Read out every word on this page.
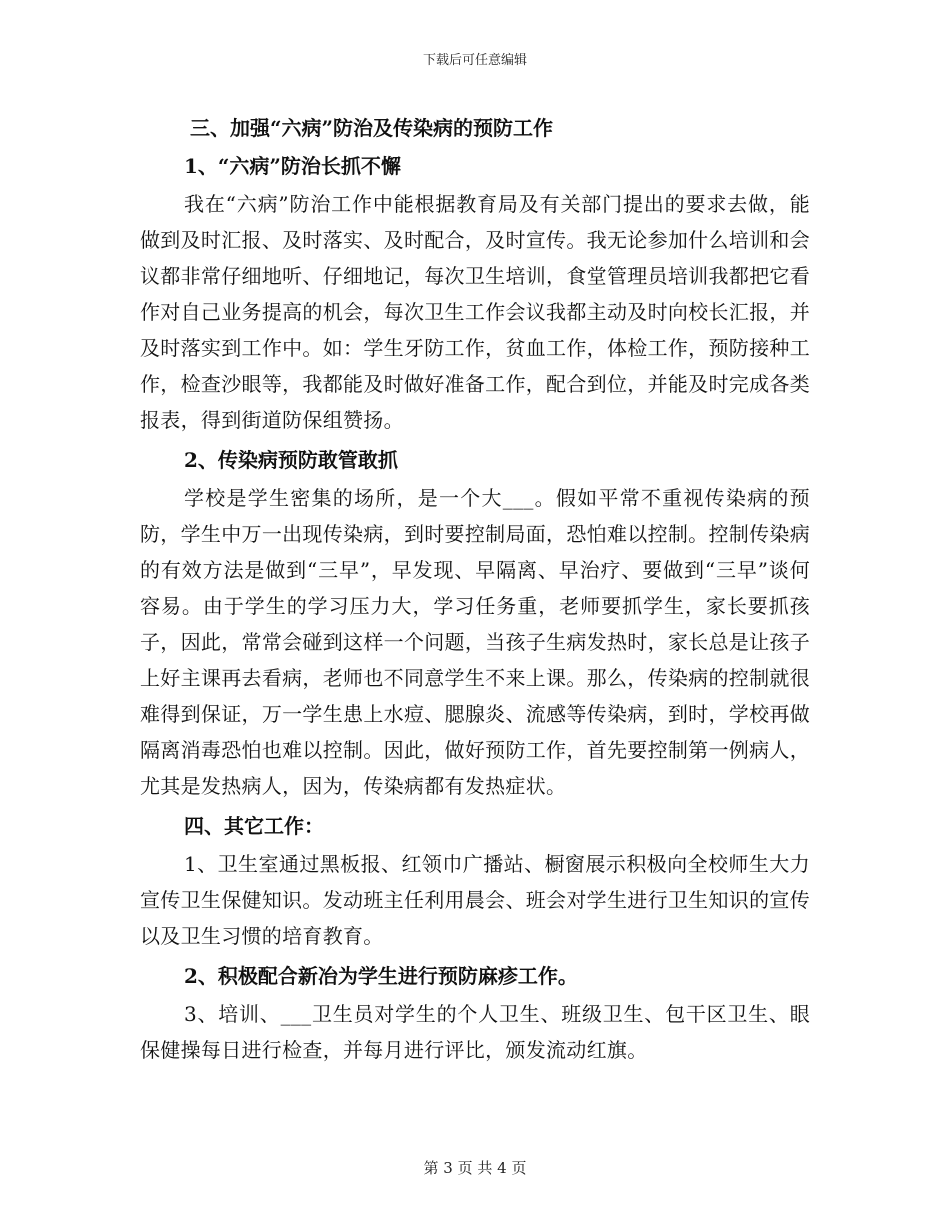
下载后可任意编辑

三、加强“六病”防治及传染病的预防工作

1、“六病”防治长抓不懈

我在“六病”防治工作中能根据教育局及有关部门提出的要求去做，能做到及时汇报、及时落实、及时配合，及时宣传。我无论参加什么培训和会议都非常仔细地听、仔细地记，每次卫生培训，食堂管理员培训我都把它看作对自己业务提高的机会，每次卫生工作会议我都主动及时向校长汇报，并及时落实到工作中。如：学生牙防工作，贫血工作，体检工作，预防接种工作，检查沙眼等，我都能及时做好准备工作，配合到位，并能及时完成各类报表，得到街道防保组赞扬。

2、传染病预防敢管敢抓

学校是学生密集的场所，是一个大___。假如平常不重视传染病的预防，学生中万一出现传染病，到时要控制局面，恐怕难以控制。控制传染病的有效方法是做到“三早”，早发现、早隔离、早治疗、要做到“三早”谈何容易。由于学生的学习压力大，学习任务重，老师要抓学生，家长要抓孩子，因此，常常会碰到这样一个问题，当孩子生病发热时，家长总是让孩子上好主课再去看病，老师也不同意学生不来上课。那么，传染病的控制就很难得到保证，万一学生患上水痘、腮腺炎、流感等传染病，到时，学校再做隔离消毒恐怕也难以控制。因此，做好预防工作，首先要控制第一例病人，尤其是发热病人，因为，传染病都有发热症状。

四、其它工作：

1、卫生室通过黑板报、红领巾广播站、橱窗展示积极向全校师生大力宣传卫生保健知识。发动班主任利用晨会、班会对学生进行卫生知识的宣传以及卫生习惯的培育教育。

2、积极配合新冶为学生进行预防麻疹工作。

3、培训、___卫生员对学生的个人卫生、班级卫生、包干区卫生、眼保健操每日进行检查，并每月进行评比，颁发流动红旗。

第 3 页 共 4 页
